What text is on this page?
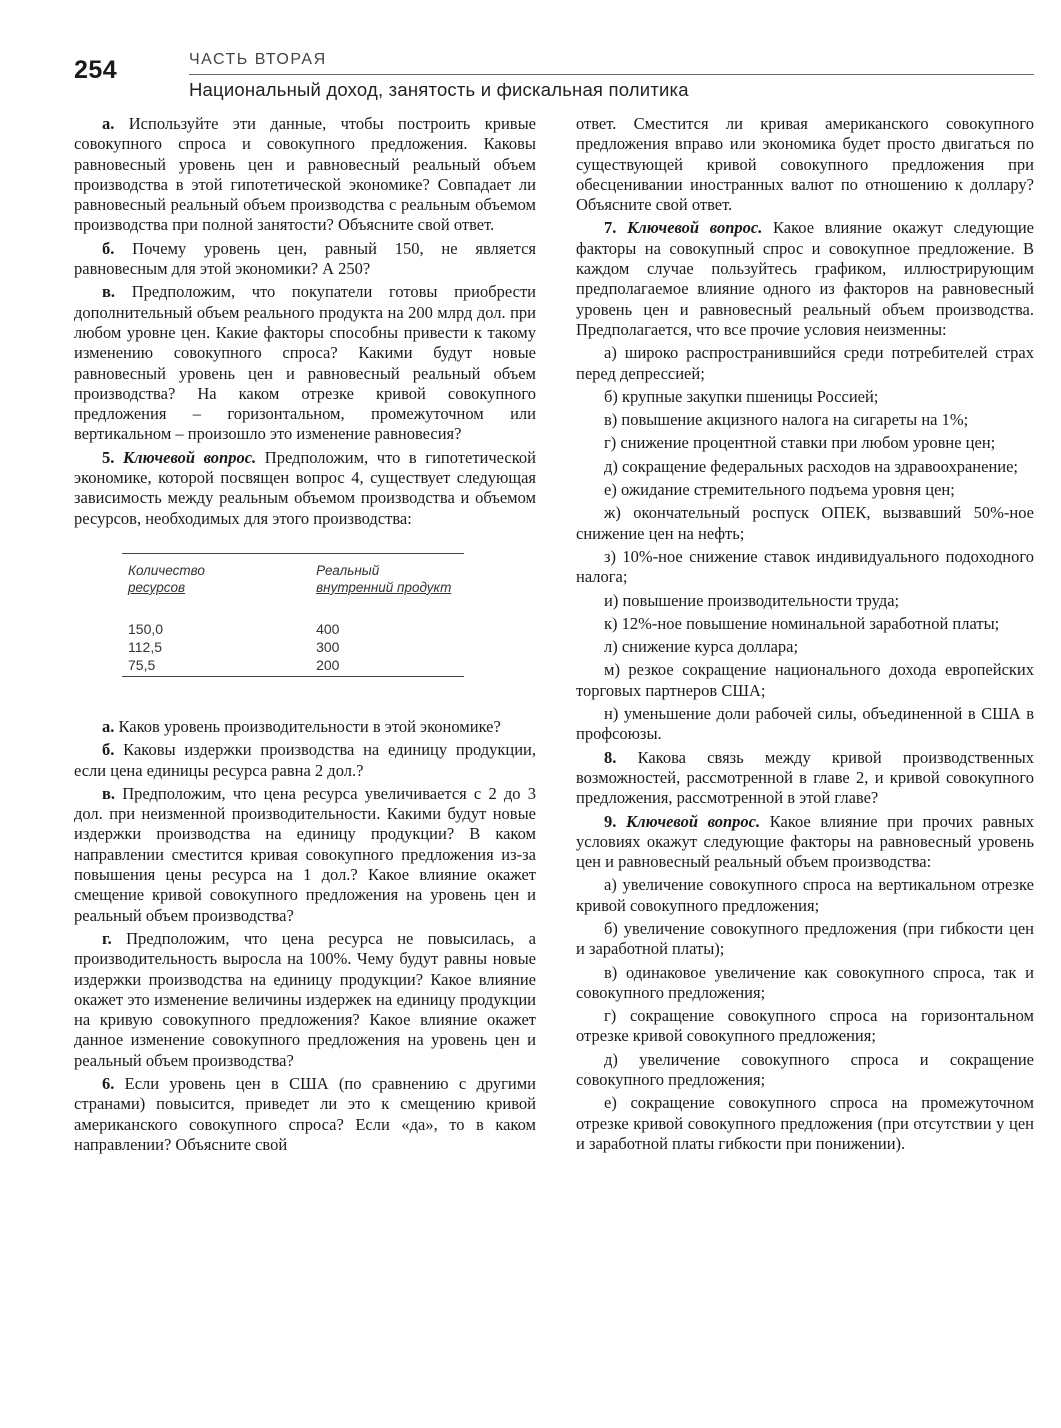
254	ЧАСТЬ ВТОРАЯ
Национальный доход, занятость и фискальная политика

а. Используйте эти данные, чтобы построить кривые совокупного спроса и совокупного предложения. Каковы равновесный уровень цен и равновесный реальный объем производства в этой гипотетической экономике? Совпадает ли равновесный реальный объем производства с реальным объемом производства при полной занятости? Объясните свой ответ.

б. Почему уровень цен, равный 150, не является равновесным для этой экономики? А 250?

в. Предположим, что покупатели готовы приобрести дополнительный объем реального продукта на 200 млрд дол. при любом уровне цен. Какие факторы способны привести к такому изменению совокупного спроса? Какими будут новые равновесный уровень цен и равновесный реальный объем производства? На каком отрезке кривой совокупного предложения – горизонтальном, промежуточном или вертикальном – произошло это изменение равновесия?

5. Ключевой вопрос. Предположим, что в гипотетической экономике, которой посвящен вопрос 4, существует следующая зависимость между реальным объемом производства и объемом ресурсов, необходимых для этого производства:

Количество
ресурсов	Реальный
внутренний продукт

150,0	400
112,5	300
75,5	200

а. Каков уровень производительности в этой экономике?

б. Каковы издержки производства на единицу продукции, если цена единицы ресурса равна 2 дол.?

в. Предположим, что цена ресурса увеличивается с 2 до 3 дол. при неизменной производительности. Какими будут новые издержки производства на единицу продукции? В каком направлении сместится кривая совокупного предложения из-за повышения цены ресурса на 1 дол.? Какое влияние окажет смещение кривой совокупного предложения на уровень цен и реальный объем производства?

г. Предположим, что цена ресурса не повысилась, а производительность выросла на 100%. Чему будут равны новые издержки производства на единицу продукции? Какое влияние окажет это изменение величины издержек на единицу продукции на кривую совокупного предложения? Какое влияние окажет данное изменение совокупного предложения на уровень цен и реальный объем производства?

6. Если уровень цен в США (по сравнению с другими странами) повысится, приведет ли это к смещению кривой американского совокупного спроса? Если «да», то в каком направлении? Объясните свой

ответ. Сместится ли кривая американского совокупного предложения вправо или экономика будет просто двигаться по существующей кривой совокупного предложения при обесценивании иностранных валют по отношению к доллару? Объясните свой ответ.

7. Ключевой вопрос. Какое влияние окажут следующие факторы на совокупный спрос и совокупное предложение. В каждом случае пользуйтесь графиком, иллюстрирующим предполагаемое влияние одного из факторов на равновесный уровень цен и равновесный реальный объем производства. Предполагается, что все прочие условия неизменны:

а) широко распространившийся среди потребителей страх перед депрессией;

б) крупные закупки пшеницы Россией;

в) повышение акцизного налога на сигареты на 1%;

г) снижение процентной ставки при любом уровне цен;

д) сокращение федеральных расходов на здравоохранение;

е) ожидание стремительного подъема уровня цен;

ж) окончательный роспуск ОПЕК, вызвавший 50%-ное снижение цен на нефть;

з) 10%-ное снижение ставок индивидуального подоходного налога;

и) повышение производительности труда;

к) 12%-ное повышение номинальной заработной платы;

л) снижение курса доллара;

м) резкое сокращение национального дохода европейских торговых партнеров США;

н) уменьшение доли рабочей силы, объединенной в США в профсоюзы.

8. Какова связь между кривой производственных возможностей, рассмотренной в главе 2, и кривой совокупного предложения, рассмотренной в этой главе?

9. Ключевой вопрос. Какое влияние при прочих равных условиях окажут следующие факторы на равновесный уровень цен и равновесный реальный объем производства:

а) увеличение совокупного спроса на вертикальном отрезке кривой совокупного предложения;

б) увеличение совокупного предложения (при гибкости цен и заработной платы);

в) одинаковое увеличение как совокупного спроса, так и совокупного предложения;

г) сокращение совокупного спроса на горизонтальном отрезке кривой совокупного предложения;

д) увеличение совокупного спроса и сокращение совокупного предложения;

е) сокращение совокупного спроса на промежуточном отрезке кривой совокупного предложения (при отсутствии у цен и заработной платы гибкости при понижении).
